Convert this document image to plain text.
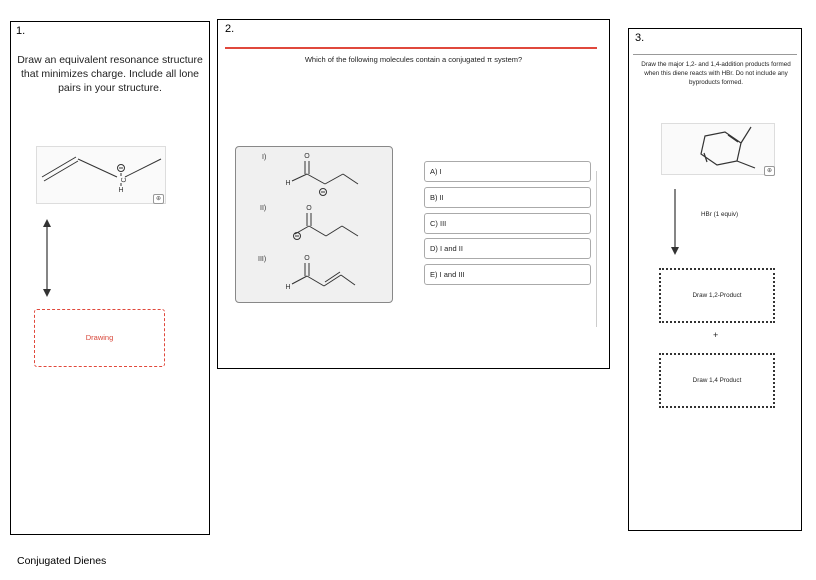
1.
Draw an equivalent resonance structure that minimizes charge. Include all lone pairs in your structure.
C
H
⊕
Drawing
2.
Which of the following molecules contain a conjugated π system?
I)	O
H
II)	O
III)	O
H
A) I
B) II
C) III
D) I and II
E) I and III
3.
Draw the major 1,2- and 1,4-addition products formed when this diene reacts with HBr. Do not include any byproducts formed.
⊕
HBr (1 equiv)
Draw 1,2-Product
+
Draw 1,4 Product
Conjugated Dienes
